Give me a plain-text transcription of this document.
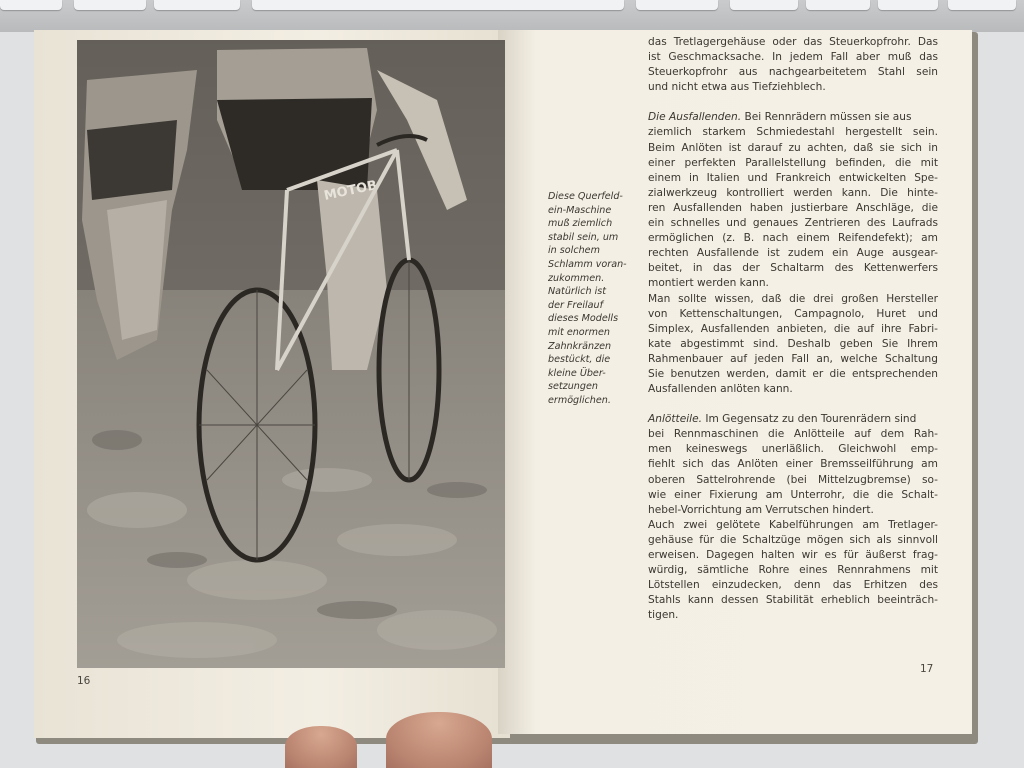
MOTOB	Diese Querfeld-
ein-Maschine
muß ziemlich
stabil sein, um
in solchem
Schlamm voran-
zukommen.
Natürlich ist
der Freilauf
dieses Modells
mit enormen
Zahnkränzen
bestückt, die
kleine Über-
setzungen
ermöglichen.
das Tretlagergehäuse oder das Steuerkopfrohr. Das
ist Geschmacksache. In jedem Fall aber muß das
Steuerkopfrohr aus nachgearbeitetem Stahl sein
und nicht etwa aus Tiefziehblech.
Die Ausfallenden. Bei Rennrädern müssen sie aus
ziemlich starkem Schmiedestahl hergestellt sein.
Beim Anlöten ist darauf zu achten, daß sie sich in
einer perfekten Parallelstellung befinden, die mit
einem in Italien und Frankreich entwickelten Spe-
zialwerkzeug kontrolliert werden kann. Die hinte-
ren Ausfallenden haben justierbare Anschläge, die
ein schnelles und genaues Zentrieren des Laufrads
ermöglichen (z. B. nach einem Reifendefekt); am
rechten Ausfallende ist zudem ein Auge ausgear-
beitet, in das der Schaltarm des Kettenwerfers
montiert werden kann.
Man sollte wissen, daß die drei großen Hersteller
von Kettenschaltungen, Campagnolo, Huret und
Simplex, Ausfallenden anbieten, die auf ihre Fabri-
kate abgestimmt sind. Deshalb geben Sie Ihrem
Rahmenbauer auf jeden Fall an, welche Schaltung
Sie benutzen werden, damit er die entsprechenden
Ausfallenden anlöten kann.
Anlötteile. Im Gegensatz zu den Tourenrädern sind
bei Rennmaschinen die Anlötteile auf dem Rah-
men keineswegs unerläßlich. Gleichwohl emp-
fiehlt sich das Anlöten einer Bremsseilführung am
oberen Sattelrohrende (bei Mittelzugbremse) so-
wie einer Fixierung am Unterrohr, die die Schalt-
hebel-Vorrichtung am Verrutschen hindert.
Auch zwei gelötete Kabelführungen am Tretlager-
gehäuse für die Schaltzüge mögen sich als sinnvoll
erweisen. Dagegen halten wir es für äußerst frag-
würdig, sämtliche Rohre eines Rennrahmens mit
Lötstellen einzudecken, denn das Erhitzen des
Stahls kann dessen Stabilität erheblich beeinträch-
tigen.
16
17
